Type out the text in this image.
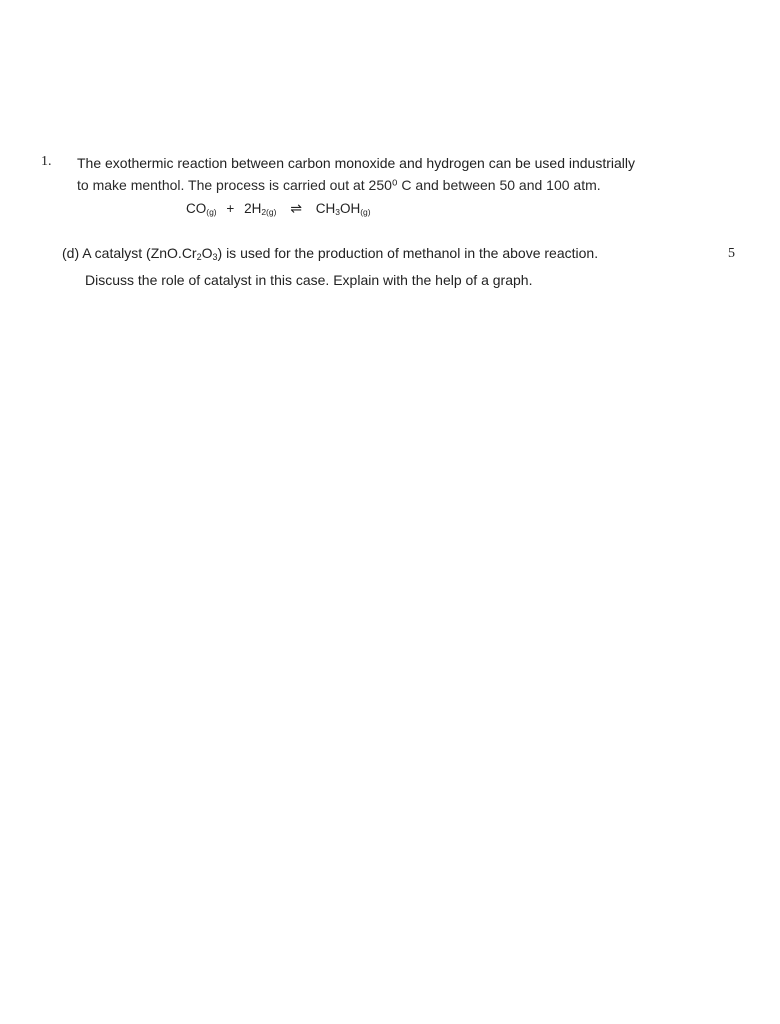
1. The exothermic reaction between carbon monoxide and hydrogen can be used industrially
to make menthol. The process is carried out at 250⁰ C and between 50 and 100 atm.
$CO_{(g)} + 2H_{2(g)}$ ⇌ $CH_3OH_{(g)}$
(d) A catalyst $(ZnO.Cr_2O_3)$ is used for the production of methanol in the above reaction.
Discuss the role of catalyst in this case. Explain with the help of a graph.
5
